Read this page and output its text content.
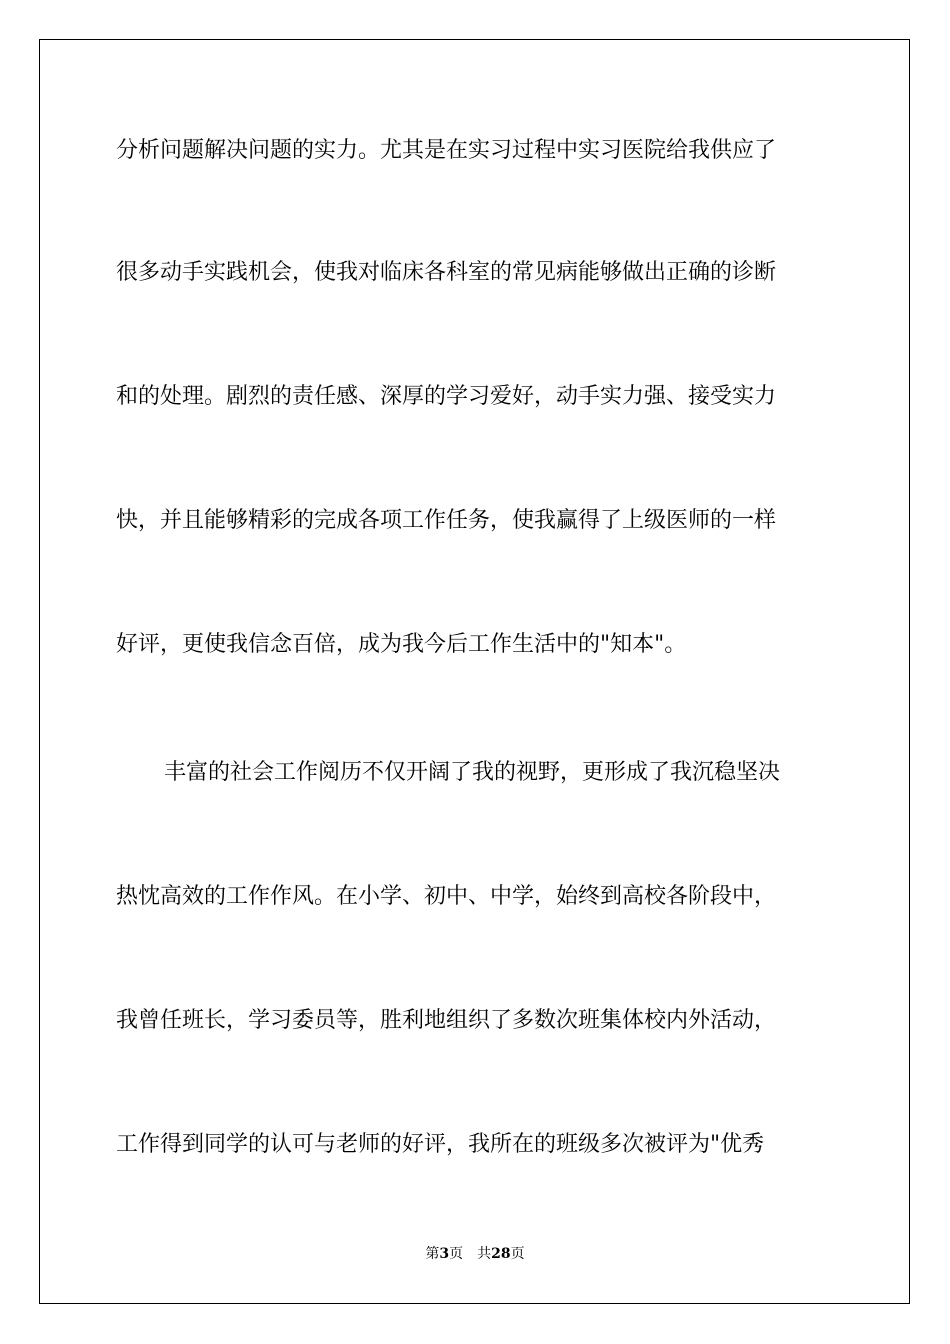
分析问题解决问题的实力。尤其是在实习过程中实习医院给我供应了
很多动手实践机会，使我对临床各科室的常见病能够做出正确的诊断
和的处理。剧烈的责任感、深厚的学习爱好，动手实力强、接受实力
快，并且能够精彩的完成各项工作任务，使我赢得了上级医师的一样
好评，更使我信念百倍，成为我今后工作生活中的"知本"。
丰富的社会工作阅历不仅开阔了我的视野，更形成了我沉稳坚决
热忱高效的工作作风。在小学、初中、中学，始终到高校各阶段中，
我曾任班长，学习委员等，胜利地组织了多数次班集体校内外活动，
工作得到同学的认可与老师的好评，我所在的班级多次被评为"优秀
第3页 共28页
